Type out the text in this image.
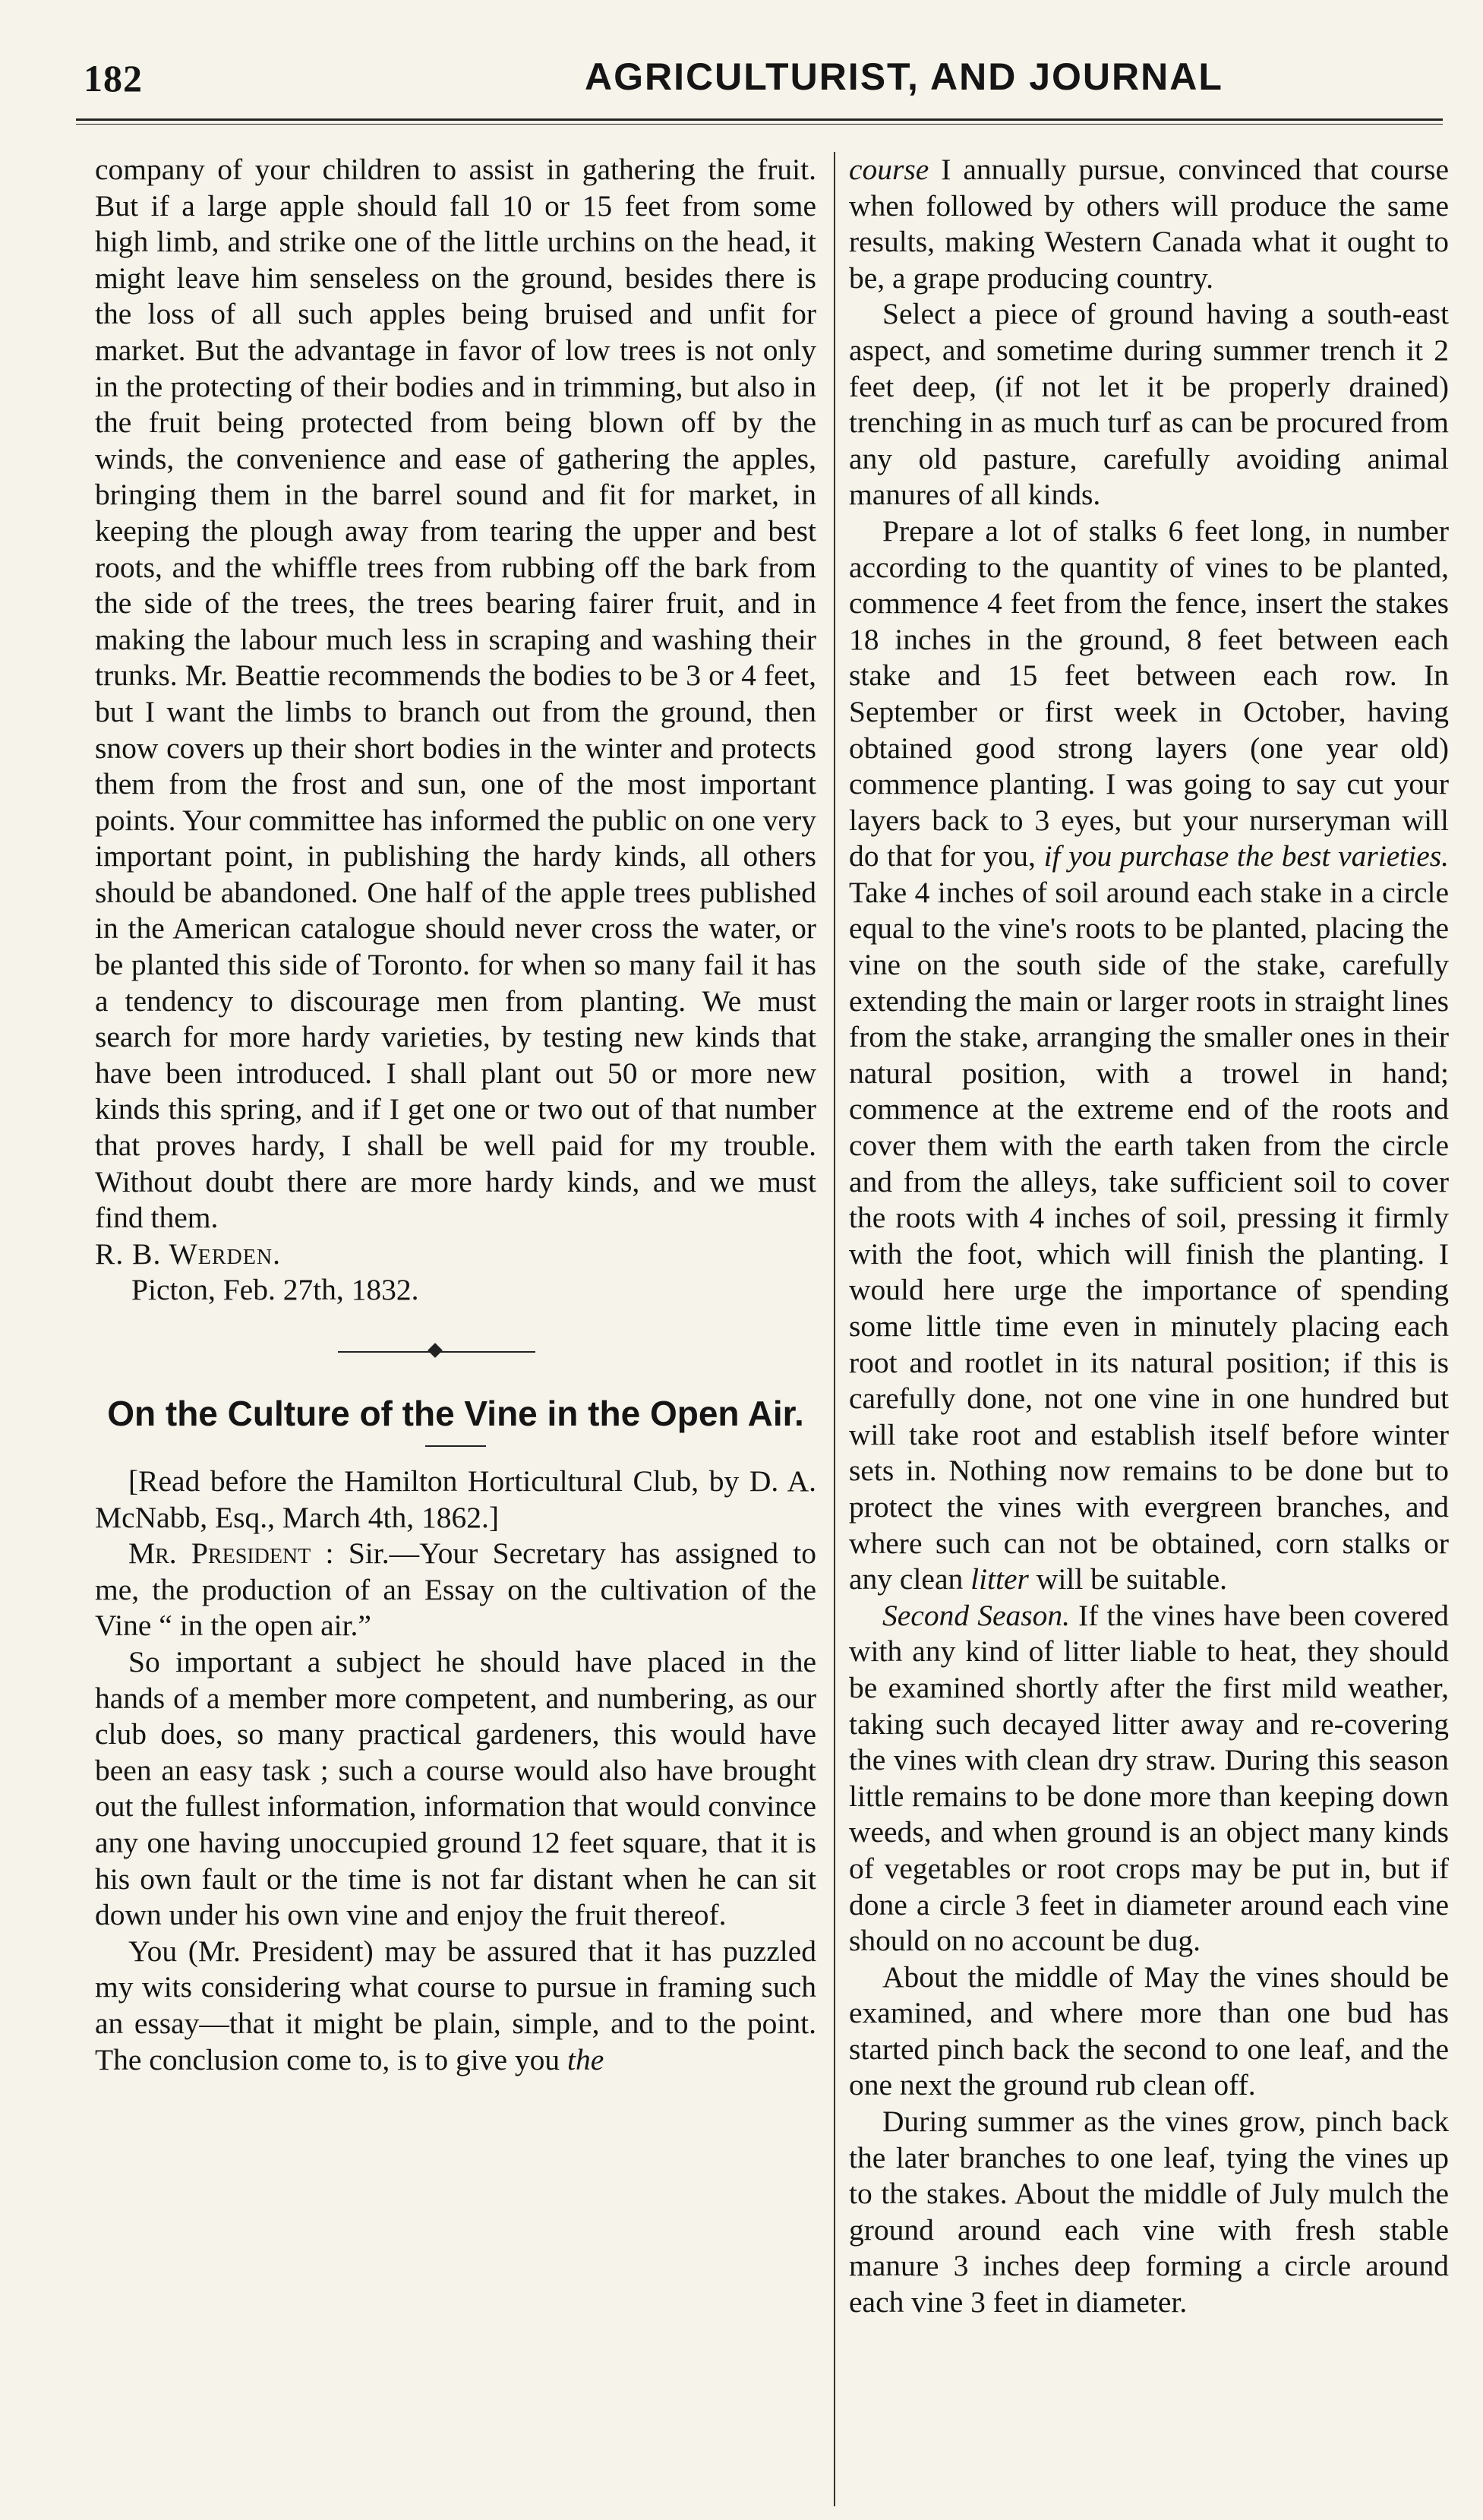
182	AGRICULTURIST, AND JOURNAL

company of your children to assist in gathering the fruit. But if a large apple should fall 10 or 15 feet from some high limb, and strike one of the little urchins on the head, it might leave him senseless on the ground, besides there is the loss of all such apples being bruised and unfit for market. But the advantage in favor of low trees is not only in the protecting of their bodies and in trimming, but also in the fruit being protected from being blown off by the winds, the convenience and ease of gathering the apples, bringing them in the barrel sound and fit for market, in keeping the plough away from tearing the upper and best roots, and the whiffle trees from rubbing off the bark from the side of the trees, the trees bearing fairer fruit, and in making the labour much less in scraping and washing their trunks. Mr. Beattie recommends the bodies to be 3 or 4 feet, but I want the limbs to branch out from the ground, then snow covers up their short bodies in the winter and protects them from the frost and sun, one of the most important points. Your committee has informed the public on one very important point, in publishing the hardy kinds, all others should be abandoned. One half of the apple trees published in the American catalogue should never cross the water, or be planted this side of Toronto. for when so many fail it has a tendency to discourage men from planting. We must search for more hardy varieties, by testing new kinds that have been introduced. I shall plant out 50 or more new kinds this spring, and if I get one or two out of that number that proves hardy, I shall be well paid for my trouble. Without doubt there are more hardy kinds, and we must find them.

R. B. Werden.

Picton, Feb. 27th, 1832.

On the Culture of the Vine in the Open Air.

[Read before the Hamilton Horticultural Club, by D. A. McNabb, Esq., March 4th, 1862.]

Mr. President : Sir.—Your Secretary has assigned to me, the production of an Essay on the cultivation of the Vine “ in the open air.”

So important a subject he should have placed in the hands of a member more competent, and numbering, as our club does, so many practical gardeners, this would have been an easy task ; such a course would also have brought out the fullest information, information that would convince any one having unoccupied ground 12 feet square, that it is his own fault or the time is not far distant when he can sit down under his own vine and enjoy the fruit thereof.

You (Mr. President) may be assured that it has puzzled my wits considering what course to pursue in framing such an essay—that it might be plain, simple, and to the point. The conclusion come to, is to give you the

course I annually pursue, convinced that course when followed by others will produce the same results, making Western Canada what it ought to be, a grape producing country.

Select a piece of ground having a south-east aspect, and sometime during summer trench it 2 feet deep, (if not let it be properly drained) trenching in as much turf as can be procured from any old pasture, carefully avoiding animal manures of all kinds.

Prepare a lot of stalks 6 feet long, in number according to the quantity of vines to be planted, commence 4 feet from the fence, insert the stakes 18 inches in the ground, 8 feet between each stake and 15 feet between each row. In September or first week in October, having obtained good strong layers (one year old) commence planting. I was going to say cut your layers back to 3 eyes, but your nurseryman will do that for you, if you purchase the best varieties. Take 4 inches of soil around each stake in a circle equal to the vine's roots to be planted, placing the vine on the south side of the stake, carefully extending the main or larger roots in straight lines from the stake, arranging the smaller ones in their natural position, with a trowel in hand; commence at the extreme end of the roots and cover them with the earth taken from the circle and from the alleys, take sufficient soil to cover the roots with 4 inches of soil, pressing it firmly with the foot, which will finish the planting. I would here urge the importance of spending some little time even in minutely placing each root and rootlet in its natural position; if this is carefully done, not one vine in one hundred but will take root and establish itself before winter sets in. Nothing now remains to be done but to protect the vines with evergreen branches, and where such can not be obtained, corn stalks or any clean litter will be suitable.

Second Season. If the vines have been covered with any kind of litter liable to heat, they should be examined shortly after the first mild weather, taking such decayed litter away and re-covering the vines with clean dry straw. During this season little remains to be done more than keeping down weeds, and when ground is an object many kinds of vegetables or root crops may be put in, but if done a circle 3 feet in diameter around each vine should on no account be dug.

About the middle of May the vines should be examined, and where more than one bud has started pinch back the second to one leaf, and the one next the ground rub clean off.

During summer as the vines grow, pinch back the later branches to one leaf, tying the vines up to the stakes. About the middle of July mulch the ground around each vine with fresh stable manure 3 inches deep forming a circle around each vine 3 feet in diameter.
